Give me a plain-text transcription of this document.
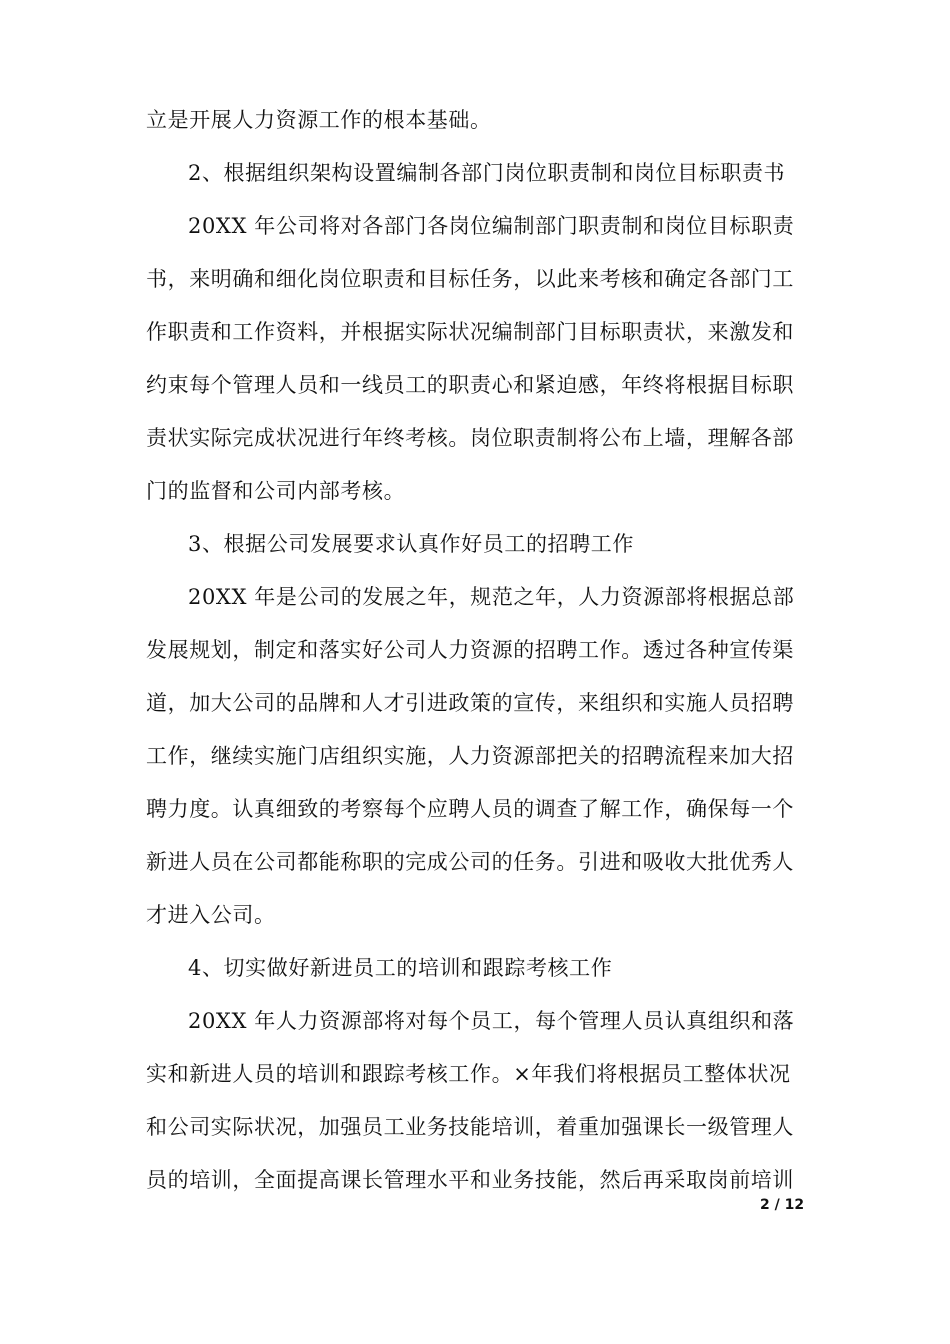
立是开展人力资源工作的根本基础。
2、根据组织架构设置编制各部门岗位职责制和岗位目标职责书
20XX 年公司将对各部门各岗位编制部门职责制和岗位目标职责
书，来明确和细化岗位职责和目标任务，以此来考核和确定各部门工
作职责和工作资料，并根据实际状况编制部门目标职责状，来激发和
约束每个管理人员和一线员工的职责心和紧迫感，年终将根据目标职
责状实际完成状况进行年终考核。岗位职责制将公布上墙，理解各部
门的监督和公司内部考核。
3、根据公司发展要求认真作好员工的招聘工作
20XX 年是公司的发展之年，规范之年，人力资源部将根据总部
发展规划，制定和落实好公司人力资源的招聘工作。透过各种宣传渠
道，加大公司的品牌和人才引进政策的宣传，来组织和实施人员招聘
工作，继续实施门店组织实施，人力资源部把关的招聘流程来加大招
聘力度。认真细致的考察每个应聘人员的调查了解工作，确保每一个
新进人员在公司都能称职的完成公司的任务。引进和吸收大批优秀人
才进入公司。
4、切实做好新进员工的培训和跟踪考核工作
20XX 年人力资源部将对每个员工，每个管理人员认真组织和落
实和新进人员的培训和跟踪考核工作。×年我们将根据员工整体状况
和公司实际状况，加强员工业务技能培训，着重加强课长一级管理人
员的培训，全面提高课长管理水平和业务技能，然后再采取岗前培训
2 / 12
